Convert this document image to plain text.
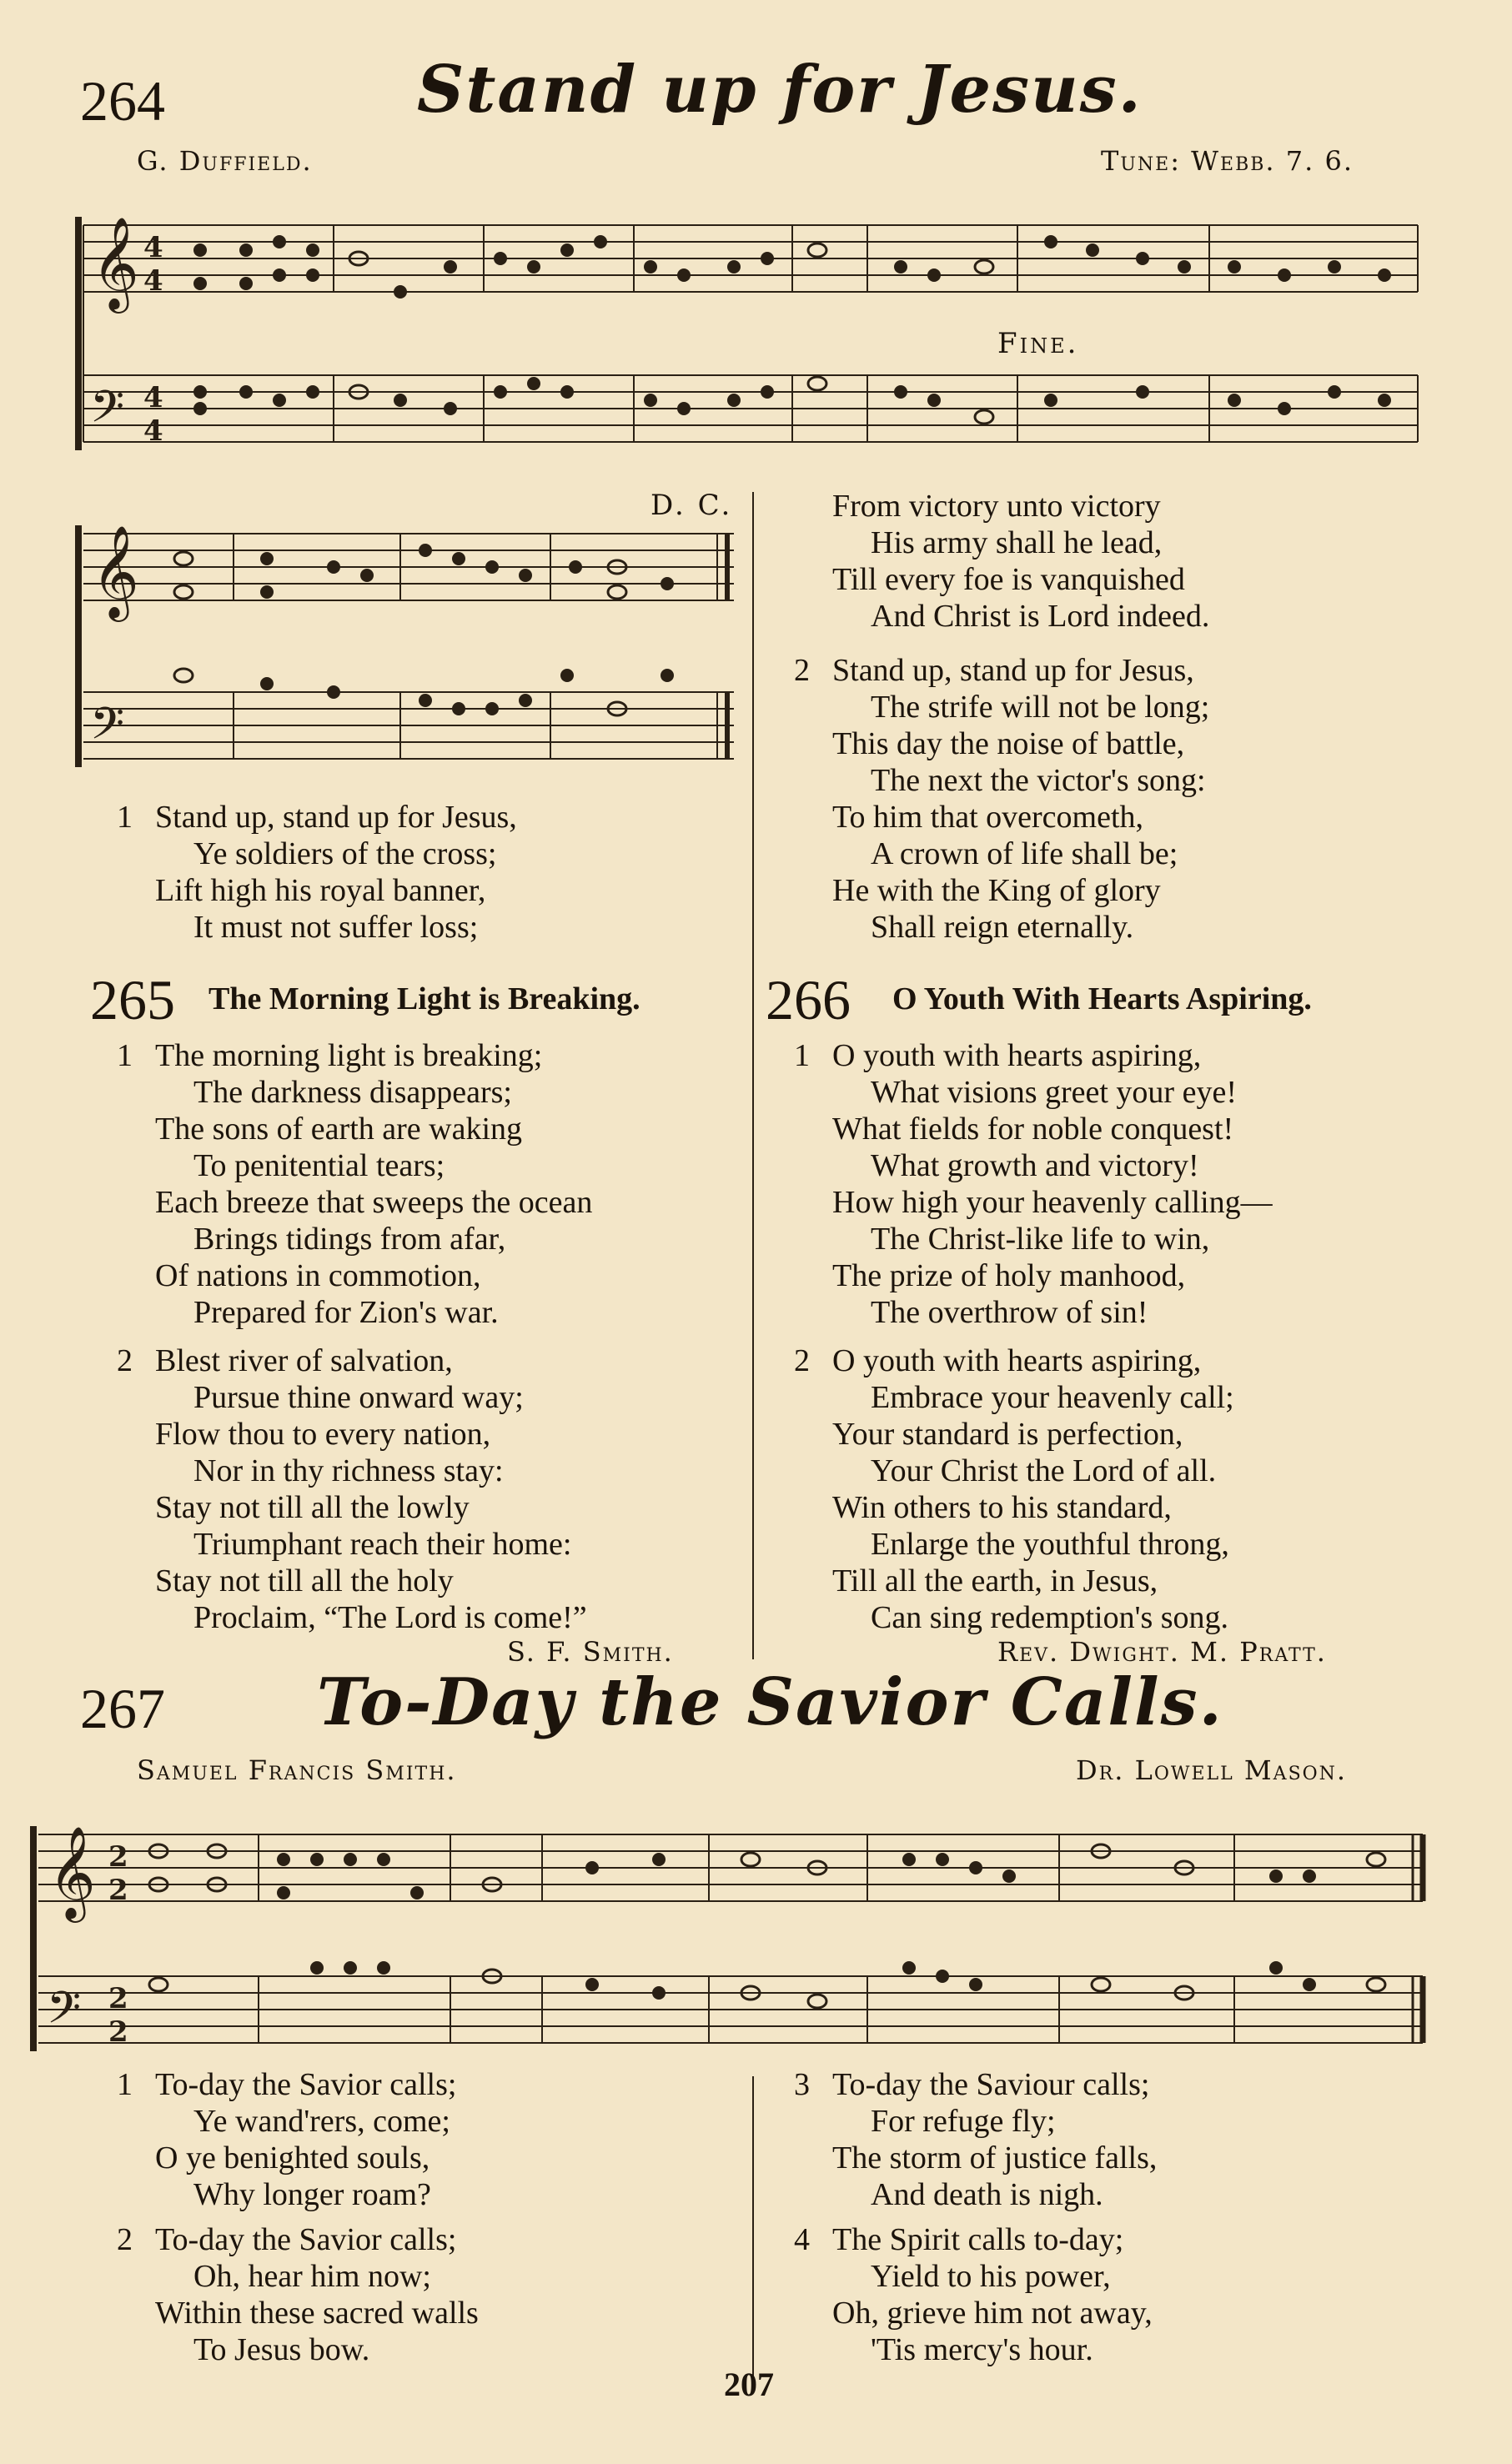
264	Stand up for Jesus.
G. Duffield.	Tune: Webb. 7. 6.
𝄞
𝄢
4
4
4
4
Fine.
𝄞
𝄢
D. C.
1 Stand up, stand up for Jesus,
Ye soldiers of the cross;
Lift high his royal banner,
It must not suffer loss;
From victory unto victory
His army shall he lead,
Till every foe is vanquished
And Christ is Lord indeed.
2 Stand up, stand up for Jesus,
The strife will not be long;
This day the noise of battle,
The next the victor's song:
To him that overcometh,
A crown of life shall be;
He with the King of glory
Shall reign eternally.
265 The Morning Light is Breaking.
1 The morning light is breaking;
The darkness disappears;
The sons of earth are waking
To penitential tears;
Each breeze that sweeps the ocean
Brings tidings from afar,
Of nations in commotion,
Prepared for Zion's war.
2 Blest river of salvation,
Pursue thine onward way;
Flow thou to every nation,
Nor in thy richness stay:
Stay not till all the lowly
Triumphant reach their home:
Stay not till all the holy
Proclaim, “The Lord is come!”
S. F. Smith.
266 O Youth With Hearts Aspiring.
1 O youth with hearts aspiring,
What visions greet your eye!
What fields for noble conquest!
What growth and victory!
How high your heavenly calling—
The Christ-like life to win,
The prize of holy manhood,
The overthrow of sin!
2 O youth with hearts aspiring,
Embrace your heavenly call;
Your standard is perfection,
Your Christ the Lord of all.
Win others to his standard,
Enlarge the youthful throng,
Till all the earth, in Jesus,
Can sing redemption's song.
Rev. Dwight. M. Pratt.
267 To-Day the Savior Calls.
Samuel Francis Smith.	Dr. Lowell Mason.
𝄞
𝄢
2
2
2
2
1 To-day the Savior calls;
Ye wand'rers, come;
O ye benighted souls,
Why longer roam?
2 To-day the Savior calls;
Oh, hear him now;
Within these sacred walls
To Jesus bow.
3 To-day the Saviour calls;
For refuge fly;
The storm of justice falls,
And death is nigh.
4 The Spirit calls to-day;
Yield to his power,
Oh, grieve him not away,
'Tis mercy's hour.
207
